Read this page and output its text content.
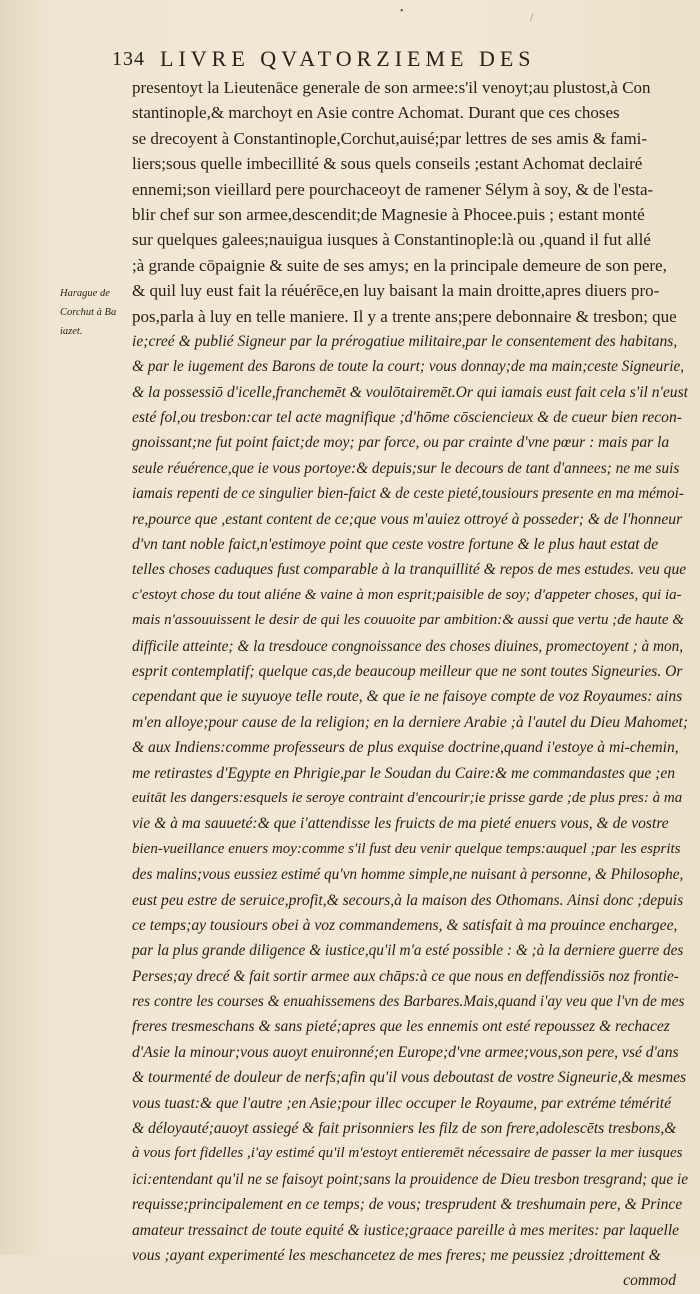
•	/
134 LIVRE QVATORZIEME DES
Harague de
Corchut à Ba
iazet.
presentoyt la Lieutenāce generale de son armee:s'il venoyt;au plustost,à Con
stantinople,& marchoyt en Asie contre Achomat. Durant que ces choses
se drecoyent à Constantinople,Corchut,auisé;par lettres de ses amis & fami-
liers;sous quelle imbecillité & sous quels conseils ;estant Achomat declairé
ennemi;son vieillard pere pourchaceoyt de ramener Sélym à soy, & de l'esta-
blir chef sur son armee,descendit;de Magnesie à Phocee.puis ; estant monté
sur quelques galees;nauigua iusques à Constantinople:là ou ,quand il fut allé
;à grande cōpaignie & suite de ses amys; en la principale demeure de son pere,
& quil luy eust fait la réuérēce,en luy baisant la main droitte,apres diuers pro-
pos,parla à luy en telle maniere. Il y a trente ans;pere debonnaire & tresbon; que
ie;creé & publié Signeur par la prérogatiue militaire,par le consentement des habitans,
& par le iugement des Barons de toute la court; vous donnay;de ma main;ceste Signeurie,
& la possessiō d'icelle,franchemēt & voulōtairemēt.Or qui iamais eust fait cela s'il n'eust
esté fol,ou tresbon:car tel acte magnifique ;d'hōme cōsciencieux & de cueur bien recon-
gnoissant;ne fut point faict;de moy; par force, ou par crainte d'vne pœur : mais par la
seule réuérence,que ie vous portoye:& depuis;sur le decours de tant d'annees; ne me suis
iamais repenti de ce singulier bien-faict & de ceste pieté,tousiours presente en ma mémoi-
re,pource que ,estant content de ce;que vous m'auiez ottroyé à posseder; & de l'honneur
d'vn tant noble faict,n'estimoye point que ceste vostre fortune & le plus haut estat de
telles choses caduques fust comparable à la tranquillité & repos de mes estudes. veu que
c'estoyt chose du tout aliéne & vaine à mon esprit;paisible de soy; d'appeter choses, qui ia-
mais n'assouuissent le desir de qui les couuoite par ambition:& aussi que vertu ;de haute &
difficile atteinte; & la tresdouce congnoissance des choses diuines, promectoyent ; à mon,
esprit contemplatif; quelque cas,de beaucoup meilleur que ne sont toutes Signeuries. Or
cependant que ie suyuoye telle route, & que ie ne faisoye compte de voz Royaumes: ains
m'en alloye;pour cause de la religion; en la derniere Arabie ;à l'autel du Dieu Mahomet;
& aux Indiens:comme professeurs de plus exquise doctrine,quand i'estoye à mi-chemin,
me retirastes d'Egypte en Phrigie,par le Soudan du Caire:& me commandastes que ;en
euitāt les dangers:esquels ie seroye contraint d'encourir;ie prisse garde ;de plus pres: à ma
vie & à ma sauueté:& que i'attendisse les fruicts de ma pieté enuers vous, & de vostre
bien-vueillance enuers moy:comme s'il fust deu venir quelque temps:auquel ;par les esprits
des malins;vous eussiez estimé qu'vn homme simple,ne nuisant à personne, & Philosophe,
eust peu estre de seruice,profit,& secours,à la maison des Othomans. Ainsi donc ;depuis
ce temps;ay tousiours obei à voz commandemens, & satisfait à ma prouince enchargee,
par la plus grande diligence & iustice,qu'il m'a esté possible : & ;à la derniere guerre des
Perses;ay drecé & fait sortir armee aux chāps:à ce que nous en deffendissiōs noz frontie-
res contre les courses & enuahissemens des Barbares.Mais,quand i'ay veu que l'vn de mes
freres tresmeschans & sans pieté;apres que les ennemis ont esté repoussez & rechacez
d'Asie la minour;vous auoyt enuironné;en Europe;d'vne armee;vous,son pere, vsé d'ans
& tourmenté de douleur de nerfs;afin qu'il vous deboutast de vostre Signeurie,& mesmes
vous tuast:& que l'autre ;en Asie;pour illec occuper le Royaume, par extréme témérité
& déloyauté;auoyt assiegé & fait prisonniers les filz de son frere,adolescēts tresbons,&
à vous fort fidelles ,i'ay estimé qu'il m'estoyt entieremēt nécessaire de passer la mer iusques
ici:entendant qu'il ne se faisoyt point;sans la prouidence de Dieu tresbon tresgrand; que ie
requisse;principalement en ce temps; de vous; tresprudent & treshumain pere, & Prince
amateur tressainct de toute equité & iustice;graace pareille à mes merites: par laquelle
vous ;ayant experimenté les meschancetez de mes freres; me peussiez ;droittement &
commod
